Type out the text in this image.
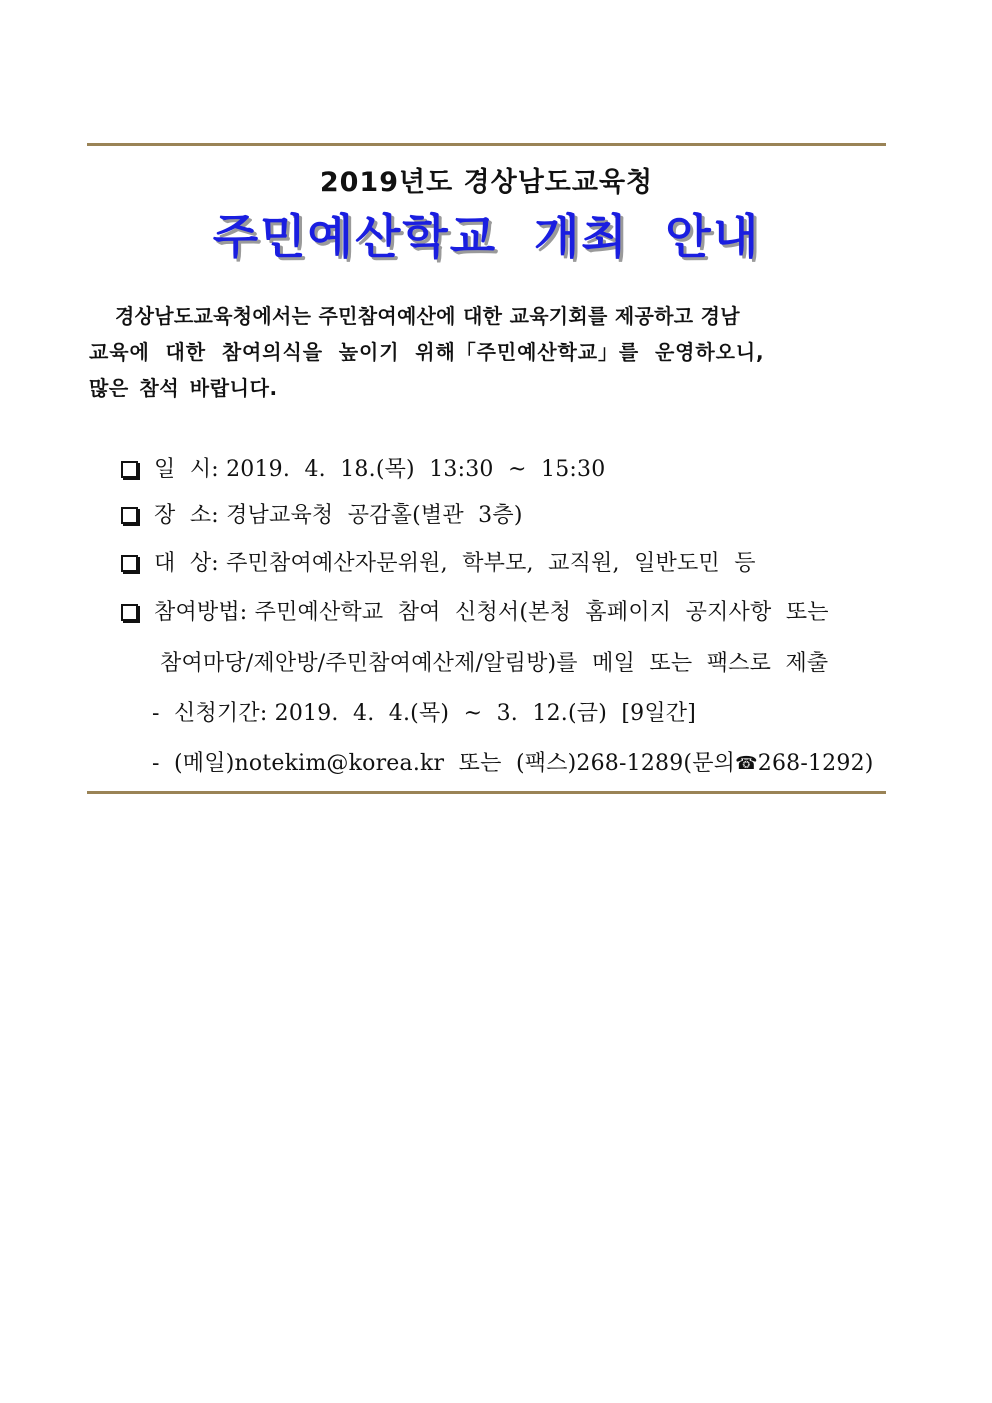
2019년도 경상남도교육청
주민예산학교  개최  안내

경상남도교육청에서는 주민참여예산에 대한 교육기회를 제공하고 경남

교육에 대한 참여의식을 높이기 위해「주민예산학교」를 운영하오니,

많은 참석 바랍니다.

일  시: 2019.  4.  18.(목)  13:30  ~  15:30
장  소: 경남교육청  공감홀(별관  3층)
대  상: 주민참여예산자문위원,  학부모,  교직원,  일반도민  등
참여방법: 주민예산학교  참여  신청서(본청  홈페이지  공지사항  또는
참여마당/제안방/주민참여예산제/알림방)를  메일  또는  팩스로  제출
-  신청기간: 2019.  4.  4.(목)  ~  3.  12.(금)  [9일간]
-  (메일)notekim@korea.kr  또는  (팩스)268-1289(문의☎268-1292)
